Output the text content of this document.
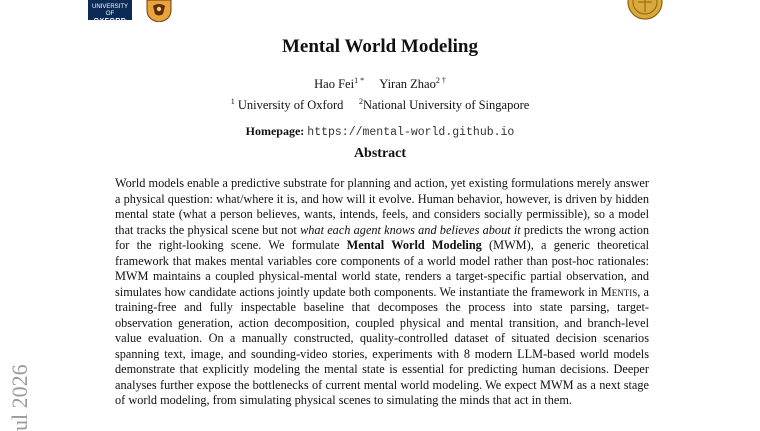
UNIVERSITY OF
OXFORD
Mental World Modeling
Hao Fei$^{1 *}$ Yiran Zhao$^{2 \dagger}$
$^1$ University of Oxford $^2$National University of Singapore
Homepage: https://mental-world.github.io
Abstract
World models enable a predictive substrate for planning and action, yet existing formulations merely answer a physical question: what/where it is, and how will it evolve. Human behavior, however, is driven by hidden mental state (what a person believes, wants, intends, feels, and considers socially permissible), so a model that tracks the physical scene but not what each agent knows and believes about it predicts the wrong action for the right-looking scene. We formulate Mental World Modeling (MWM), a generic theoretical framework that makes mental variables core components of a world model rather than post-hoc rationales: MWM maintains a coupled physical-mental world state, renders a target-specific partial observation, and simulates how candidate actions jointly update both components. We instantiate the framework in Mentis, a training-free and fully inspectable baseline that decomposes the process into state parsing, target-observation generation, action decomposition, coupled physical and mental transition, and branch-level value evaluation. On a manually constructed, quality-controlled dataset of situated decision scenarios spanning text, image, and sounding-video stories, experiments with 8 modern LLM-based world models demonstrate that explicitly modeling the mental state is essential for predicting human decisions. Deeper analyses further expose the bottlenecks of current mental world modeling. We expect MWM as a next stage of world modeling, from simulating physical scenes to simulating the minds that act in them.
ul 2026
